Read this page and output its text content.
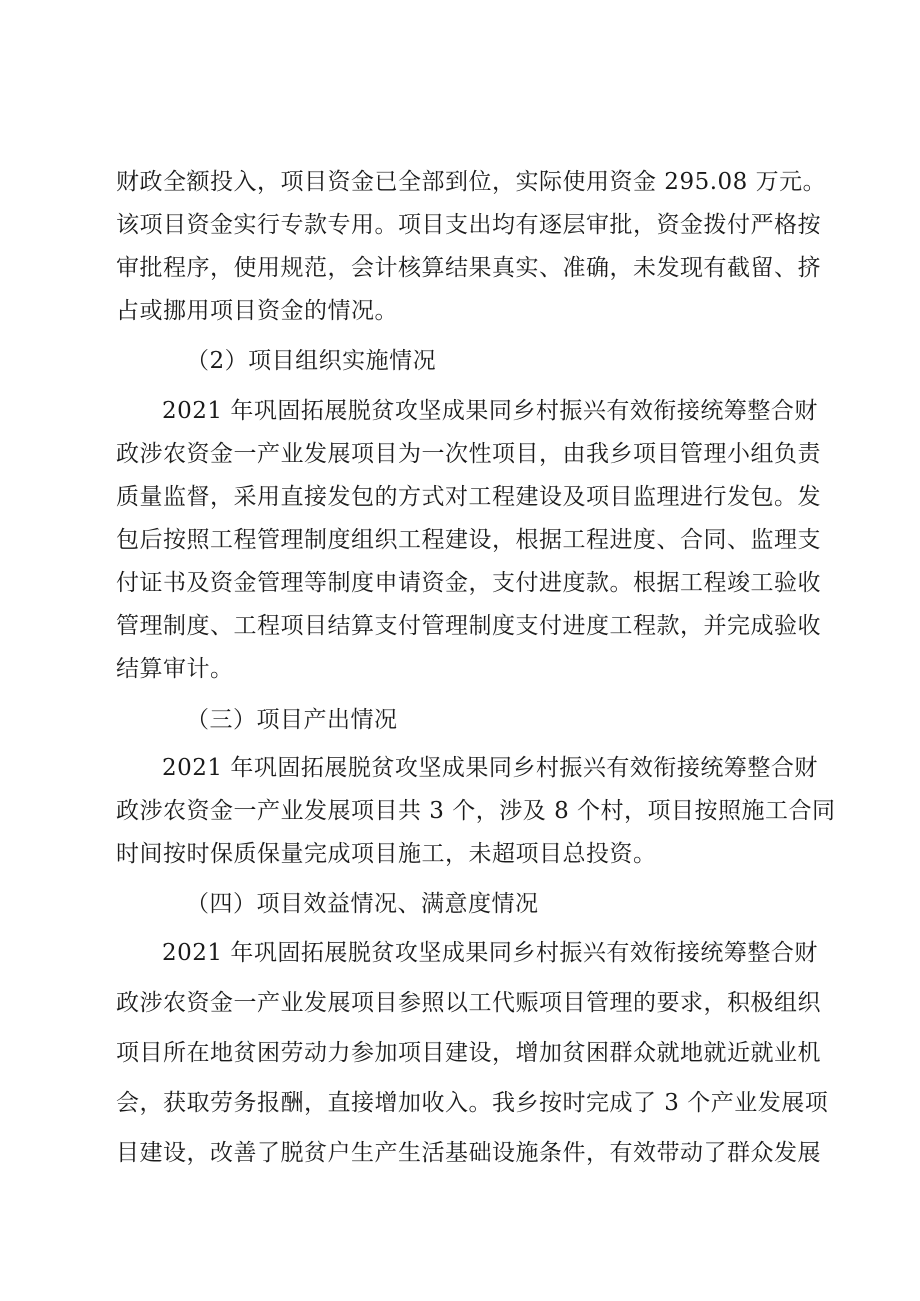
财政全额投入，项目资金已全部到位，实际使用资金 295.08 万元。
该项目资金实行专款专用。项目支出均有逐层审批，资金拨付严格按
审批程序，使用规范，会计核算结果真实、准确，未发现有截留、挤
占或挪用项目资金的情况。
（2）项目组织实施情况
2021 年巩固拓展脱贫攻坚成果同乡村振兴有效衔接统筹整合财
政涉农资金一产业发展项目为一次性项目，由我乡项目管理小组负责
质量监督，采用直接发包的方式对工程建设及项目监理进行发包。发
包后按照工程管理制度组织工程建设，根据工程进度、合同、监理支
付证书及资金管理等制度申请资金，支付进度款。根据工程竣工验收
管理制度、工程项目结算支付管理制度支付进度工程款，并完成验收
结算审计。
（三）项目产出情况
2021 年巩固拓展脱贫攻坚成果同乡村振兴有效衔接统筹整合财
政涉农资金一产业发展项目共 3 个，涉及 8 个村，项目按照施工合同
时间按时保质保量完成项目施工，未超项目总投资。
（四）项目效益情况、满意度情况
2021 年巩固拓展脱贫攻坚成果同乡村振兴有效衔接统筹整合财
政涉农资金一产业发展项目参照以工代赈项目管理的要求，积极组织
项目所在地贫困劳动力参加项目建设，增加贫困群众就地就近就业机
会，获取劳务报酬，直接增加收入。我乡按时完成了 3 个产业发展项
目建设，改善了脱贫户生产生活基础设施条件，有效带动了群众发展
